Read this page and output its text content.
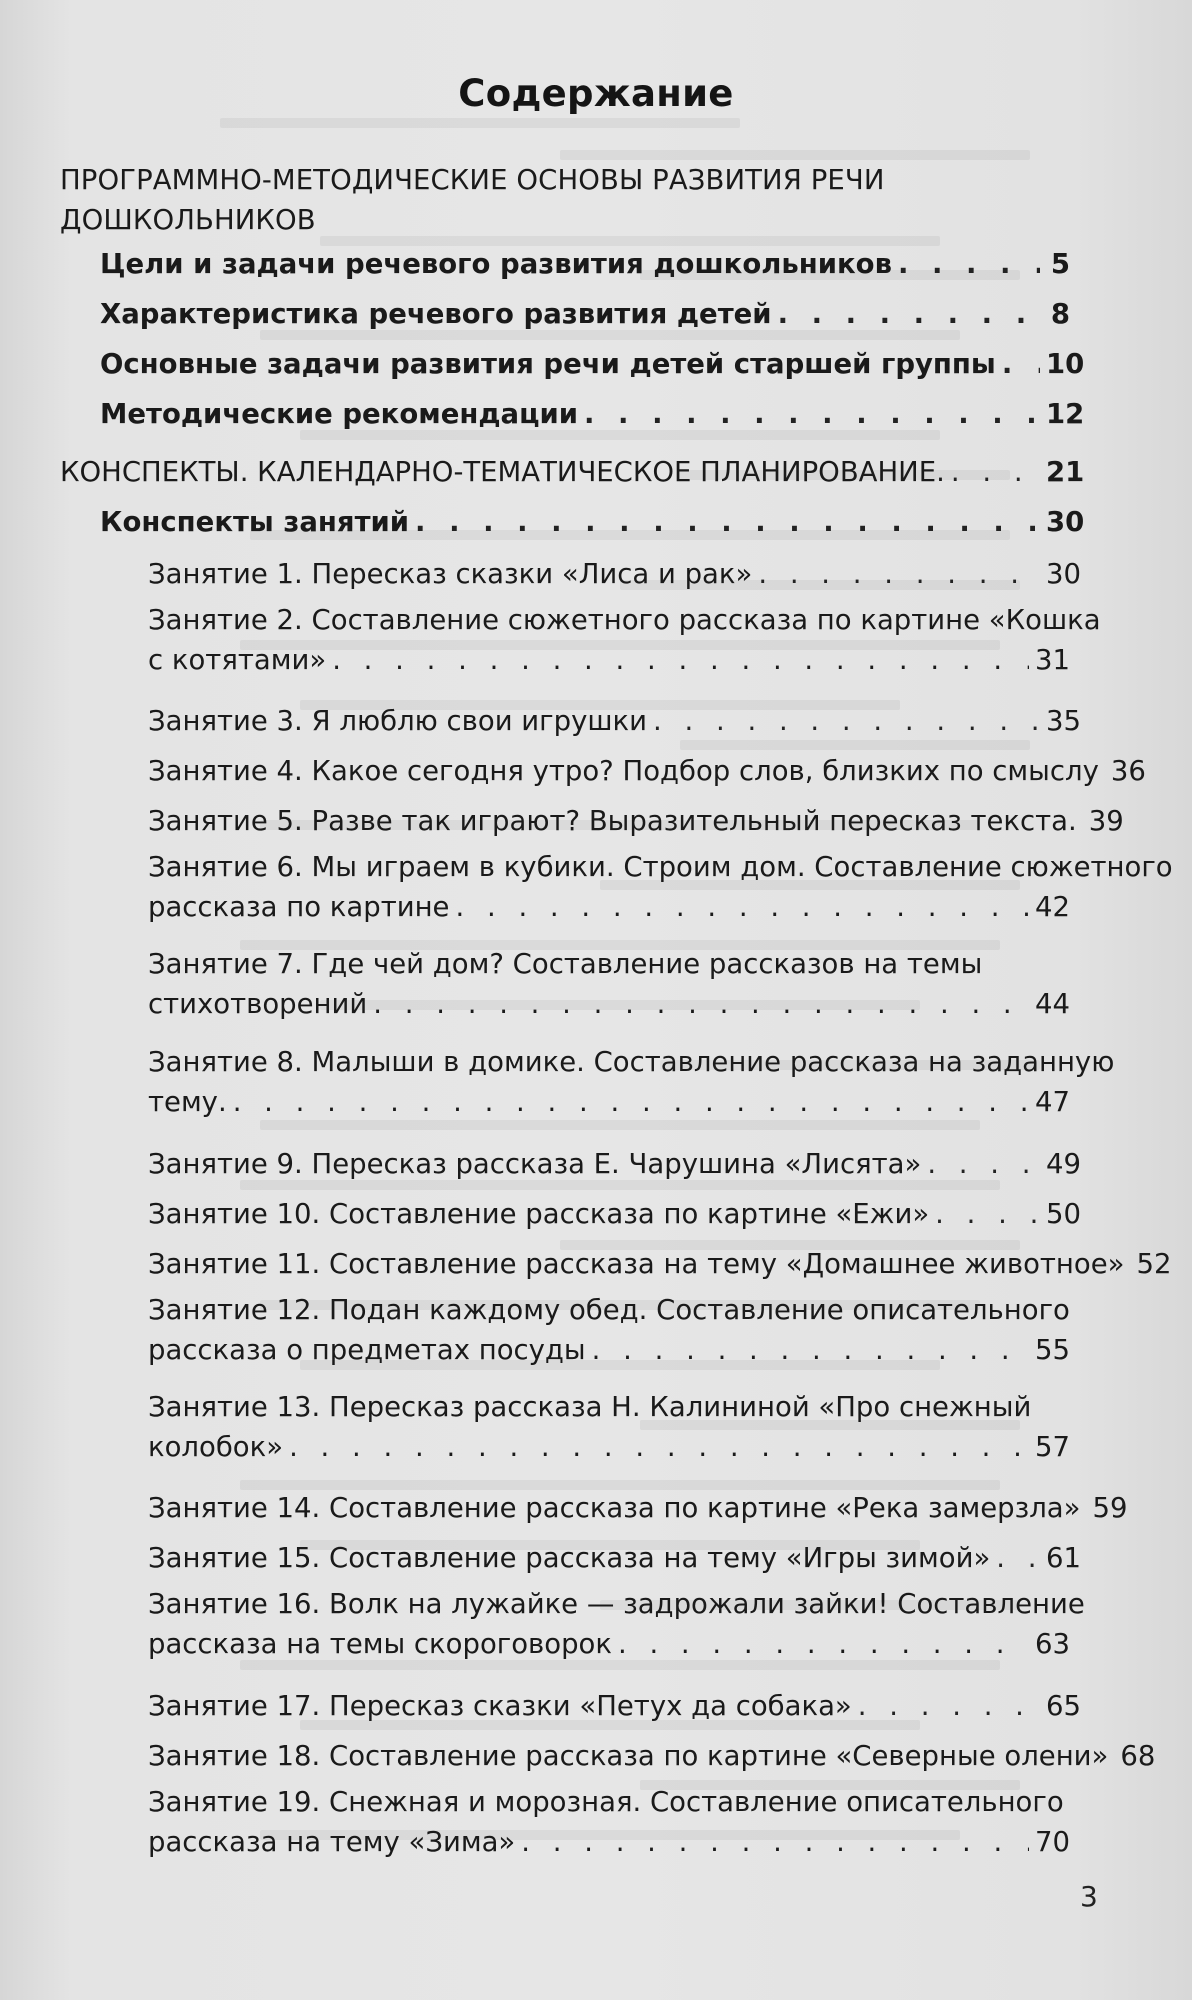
Содержание
ПРОГРАММНО-МЕТОДИЧЕСКИЕ ОСНОВЫ РАЗВИТИЯ РЕЧИ
ДОШКОЛЬНИКОВ
Цели и задачи речевого развития дошкольников . . .	5
Характеристика речевого развития детей . . .	8
Основные задачи развития речи детей старшей группы . . . 10
Методические рекомендации . . .	12
КОНСПЕКТЫ. КАЛЕНДАРНО-ТЕМАТИЧЕСКОЕ ПЛАНИРОВАНИЕ. . . .	21
Конспекты занятий . . .	30
Занятие 1. Пересказ сказки «Лиса и рак» . . .	30
Занятие 2. Составление сюжетного рассказа по картине «Кошка
с котятами» . . .	31
Занятие 3. Я люблю свои игрушки . . .	35
Занятие 4. Какое сегодня утро? Подбор слов, близких по смыслу 36
Занятие 5. Разве так играют? Выразительный пересказ текста. 39
Занятие 6. Мы играем в кубики. Строим дом. Составление сюжетного
рассказа по картине . . .	42
Занятие 7. Где чей дом? Составление рассказов на темы
стихотворений . . .	44
Занятие 8. Малыши в домике. Составление рассказа на заданную
тему. . . .	47
Занятие 9. Пересказ рассказа Е. Чарушина «Лисята» . . .	49
Занятие 10. Составление рассказа по картине «Ежи» . . .	50
Занятие 11. Составление рассказа на тему «Домашнее животное» 52
Занятие 12. Подан каждому обед. Составление описательного
рассказа о предметах посуды . . .	55
Занятие 13. Пересказ рассказа Н. Калининой «Про снежный
колобок» . . .	57
Занятие 14. Составление рассказа по картине «Река замерзла» 59
Занятие 15. Составление рассказа на тему «Игры зимой» . . . 61
Занятие 16. Волк на лужайке — задрожали зайки! Составление
рассказа на темы скороговорок . . .	63
Занятие 17. Пересказ сказки «Петух да собака» . . .	65
Занятие 18. Составление рассказа по картине «Северные олени» 68
Занятие 19. Снежная и морозная. Составление описательного
рассказа на тему «Зима» . . .	70
3
